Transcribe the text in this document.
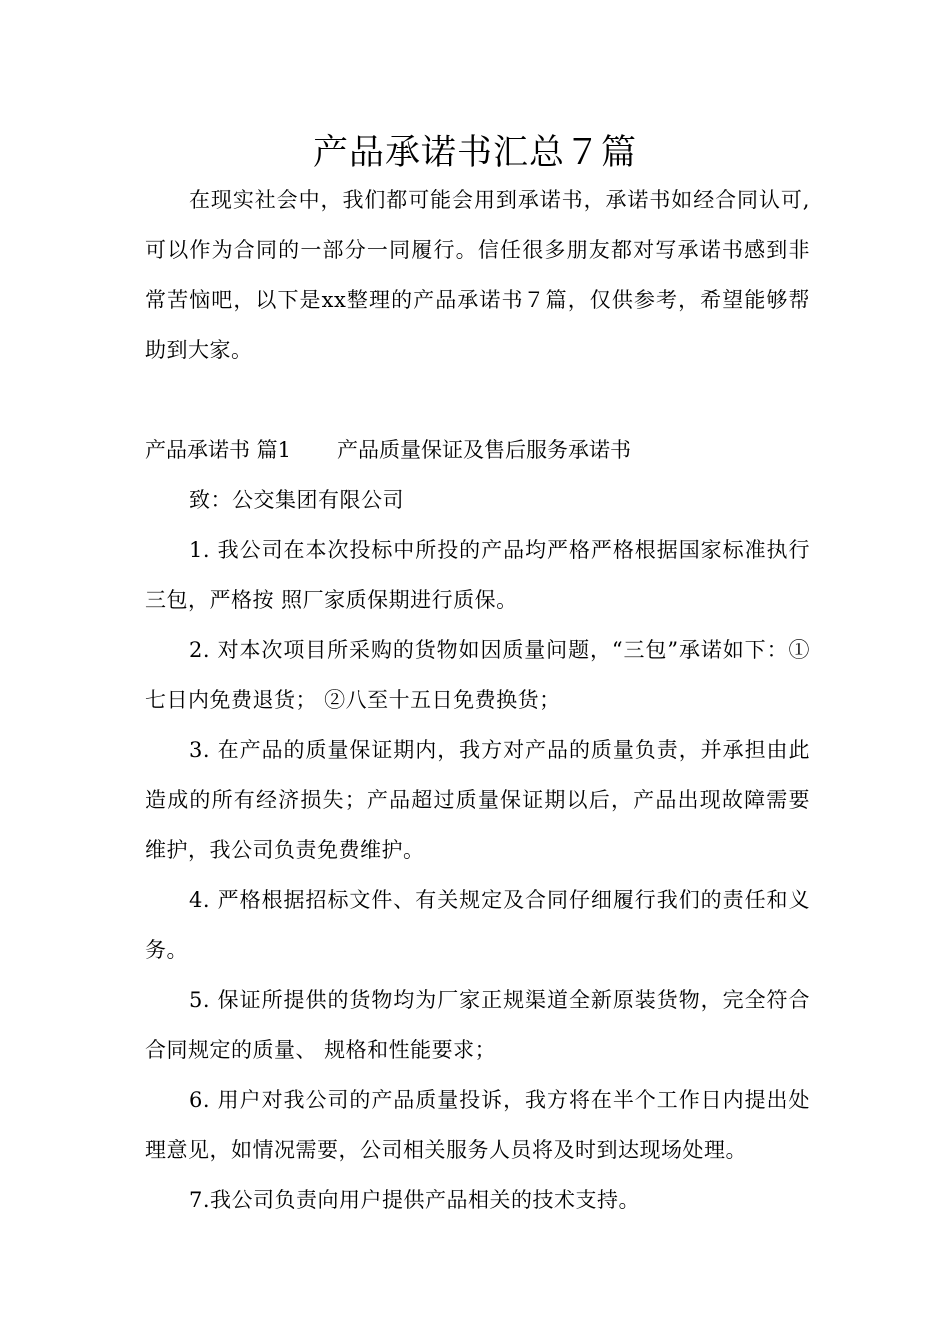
产品承诺书汇总７篇

在现实社会中，我们都可能会用到承诺书，承诺书如经合同认可,可以作为合同的一部分一同履行。信任很多朋友都对写承诺书感到非常苦恼吧，以下是xx整理的产品承诺书７篇，仅供参考，希望能够帮助到大家。

产品承诺书 篇1 产品质量保证及售后服务承诺书

致：公交集团有限公司

1. 我公司在本次投标中所投的产品均严格严格根据国家标准执行三包，严格按 照厂家质保期进行质保。
2. 对本次项目所采购的货物如因质量问题，“三包”承诺如下：①七日内免费退货； ②八至十五日免费换货；
3. 在产品的质量保证期内，我方对产品的质量负责，并承担由此造成的所有经济损失；产品超过质量保证期以后，产品出现故障需要维护，我公司负责免费维护。
4. 严格根据招标文件、有关规定及合同仔细履行我们的责任和义务。
5. 保证所提供的货物均为厂家正规渠道全新原装货物，完全符合合同规定的质量、 规格和性能要求；
6. 用户对我公司的产品质量投诉，我方将在半个工作日内提出处理意见，如情况需要，公司相关服务人员将及时到达现场处理。
7.我公司负责向用户提供产品相关的技术支持。
